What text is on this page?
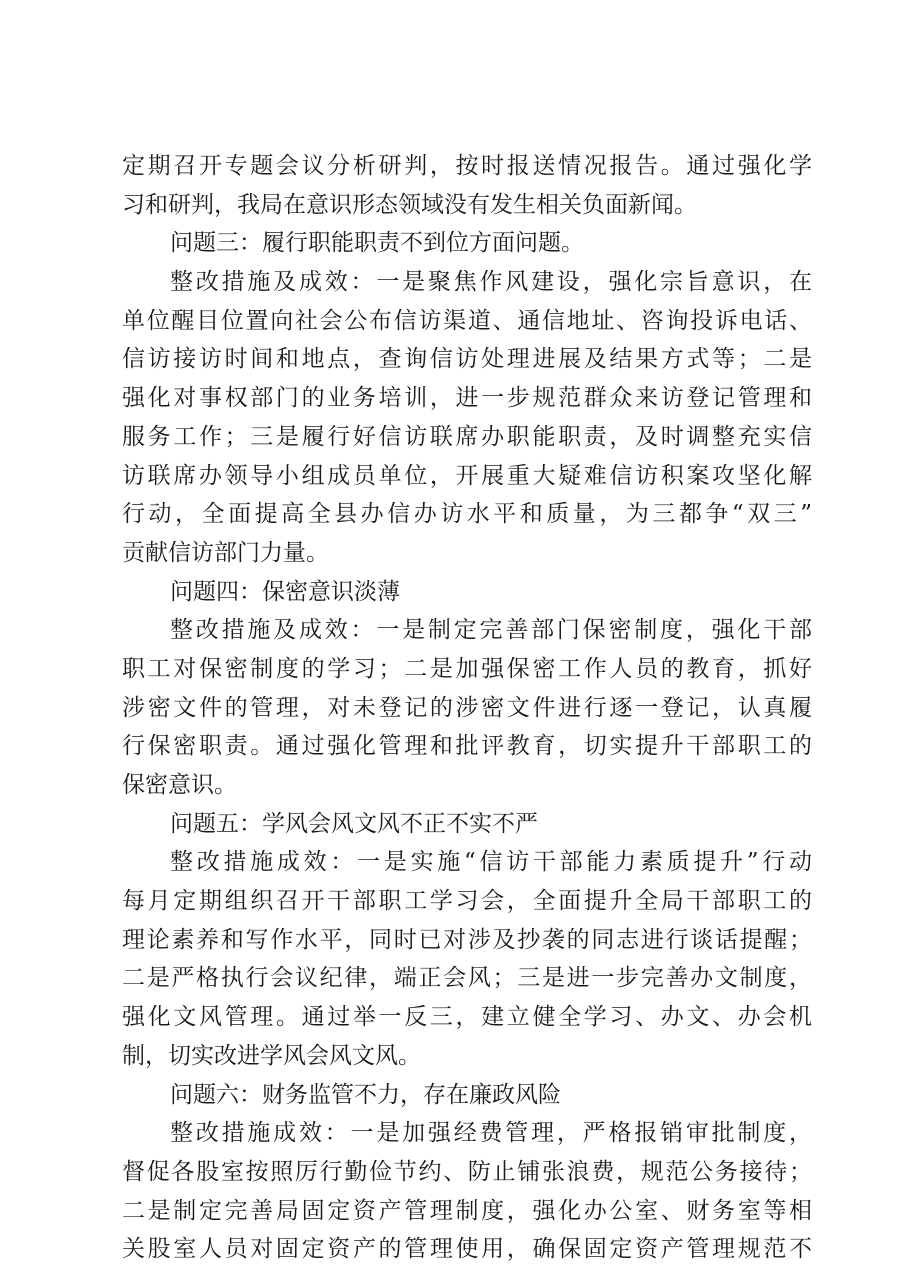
定期召开专题会议分析研判，按时报送情况报告。通过强化学
习和研判，我局在意识形态领域没有发生相关负面新闻。
问题三：履行职能职责不到位方面问题。
整改措施及成效：一是聚焦作风建设，强化宗旨意识，在
单位醒目位置向社会公布信访渠道、通信地址、咨询投诉电话、
信访接访时间和地点，查询信访处理进展及结果方式等；二是
强化对事权部门的业务培训，进一步规范群众来访登记管理和
服务工作；三是履行好信访联席办职能职责，及时调整充实信
访联席办领导小组成员单位，开展重大疑难信访积案攻坚化解
行动，全面提高全县办信办访水平和质量，为三都争“双三”
贡献信访部门力量。
问题四：保密意识淡薄
整改措施及成效：一是制定完善部门保密制度，强化干部
职工对保密制度的学习；二是加强保密工作人员的教育，抓好
涉密文件的管理，对未登记的涉密文件进行逐一登记，认真履
行保密职责。通过强化管理和批评教育，切实提升干部职工的
保密意识。
问题五：学风会风文风不正不实不严
整改措施成效：一是实施“信访干部能力素质提升”行动
每月定期组织召开干部职工学习会，全面提升全局干部职工的
理论素养和写作水平，同时已对涉及抄袭的同志进行谈话提醒；
二是严格执行会议纪律，端正会风；三是进一步完善办文制度，
强化文风管理。通过举一反三，建立健全学习、办文、办会机
制，切实改进学风会风文风。
问题六：财务监管不力，存在廉政风险
整改措施成效：一是加强经费管理，严格报销审批制度，
督促各股室按照厉行勤俭节约、防止铺张浪费，规范公务接待；
二是制定完善局固定资产管理制度，强化办公室、财务室等相
关股室人员对固定资产的管理使用，确保固定资产管理规范不
